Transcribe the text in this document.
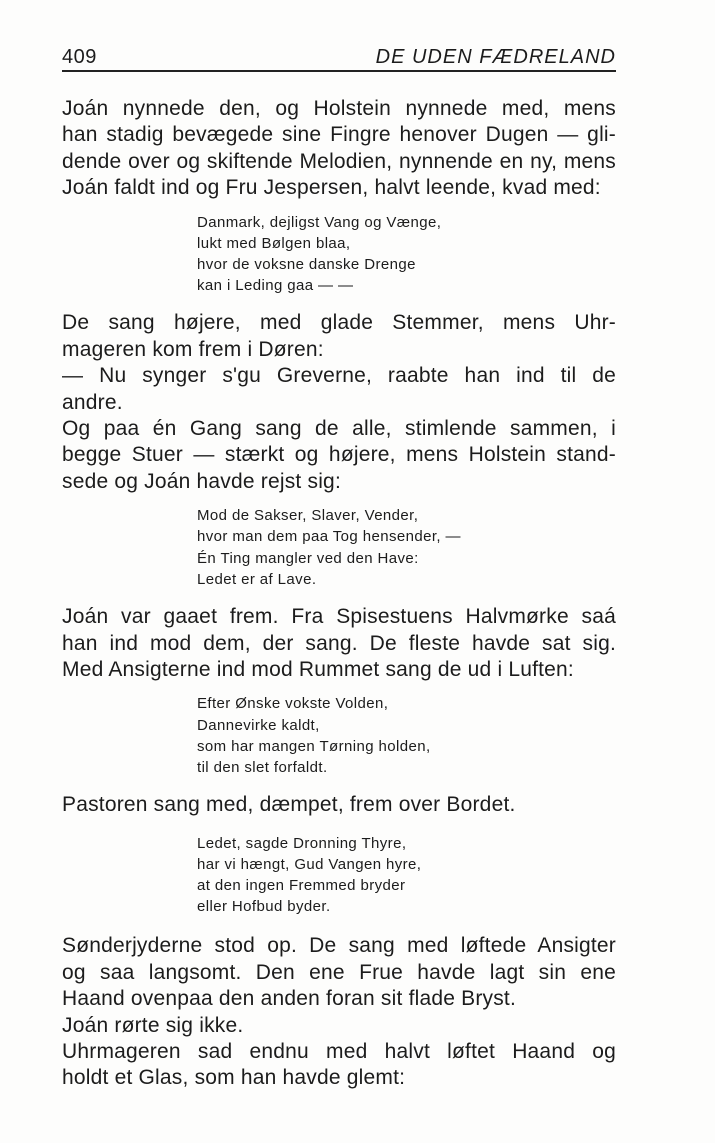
409	DE UDEN FÆDRELAND
Joán nynnede den, og Holstein nynnede med, mens
han stadig bevægede sine Fingre henover Dugen — gli-
dende over og skiftende Melodien, nynnende en ny, mens
Joán faldt ind og Fru Jespersen, halvt leende, kvad med:
Danmark, dejligst Vang og Vænge,
lukt med Bølgen blaa,
hvor de voksne danske Drenge
kan i Leding gaa — —
De sang højere, med glade Stemmer, mens Uhr-
mageren kom frem i Døren:
— Nu synger s'gu Greverne, raabte han ind til de
andre.
Og paa én Gang sang de alle, stimlende sammen, i
begge Stuer — stærkt og højere, mens Holstein stand-
sede og Joán havde rejst sig:
Mod de Sakser, Slaver, Vender,
hvor man dem paa Tog hensender, —
Én Ting mangler ved den Have:
Ledet er af Lave.
Joán var gaaet frem. Fra Spisestuens Halvmørke saá
han ind mod dem, der sang. De fleste havde sat sig.
Med Ansigterne ind mod Rummet sang de ud i Luften:
Efter Ønske vokste Volden,
Dannevirke kaldt,
som har mangen Tørning holden,
til den slet forfaldt.
Pastoren sang med, dæmpet, frem over Bordet.
Ledet, sagde Dronning Thyre,
har vi hængt, Gud Vangen hyre,
at den ingen Fremmed bryder
eller Hofbud byder.
Sønderjyderne stod op. De sang med løftede Ansigter
og saa langsomt. Den ene Frue havde lagt sin ene
Haand ovenpaa den anden foran sit flade Bryst.
Joán rørte sig ikke.
Uhrmageren sad endnu med halvt løftet Haand og
holdt et Glas, som han havde glemt:
